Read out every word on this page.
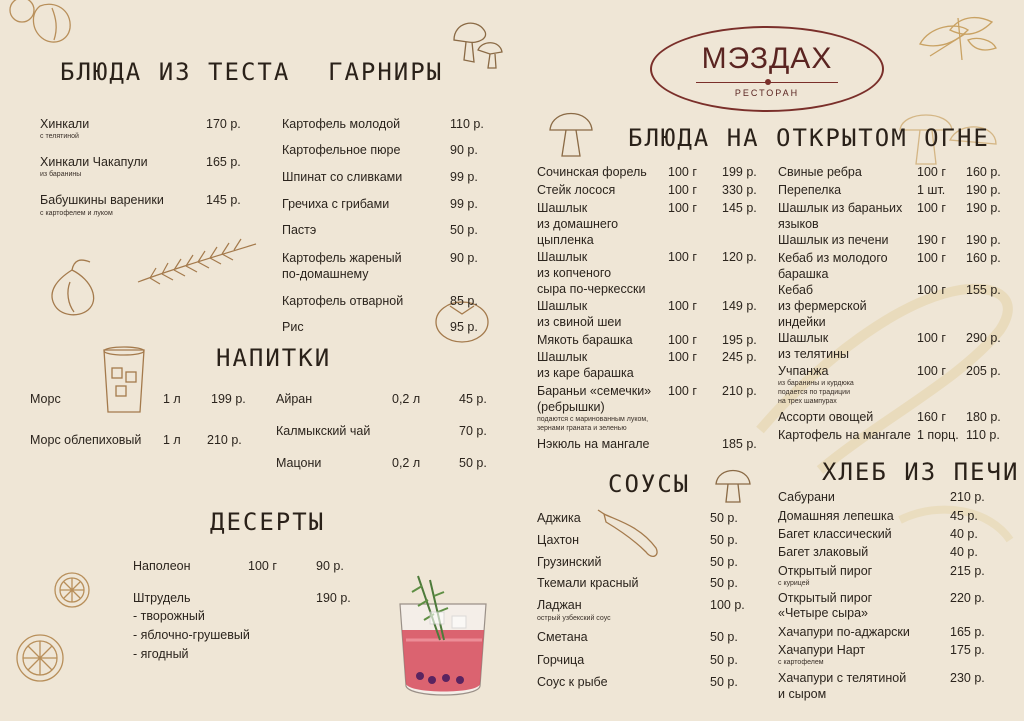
МЭЗДАХ
РЕСТОРАН
БЛЮДА ИЗ ТЕСТА ГАРНИРЫ
НАПИТКИ
ДЕСЕРТЫ
БЛЮДА НА ОТКРЫТОМ ОГНЕ
СОУСЫ	ХЛЕБ ИЗ ПЕЧИ
Хинкали
с телятиной
170 р.
Хинкали Чакапули
из баранины
165 р.
Бабушкины вареники
с картофелем и луком
145 р.
Картофель молодой	110 р.
Картофельное пюре	90 р.
Шпинат со сливками	99 р.
Гречиха с грибами	99 р.
Пастэ	50 р.
Картофель жареный
по-домашнему
90 р.
Картофель отварной	85 р.
Рис	95 р.
Морс	1 л 199 р.
Морс облепиховый 1 л 210 р.
Айран	0,2 л	45 р.
Калмыкский чай	70 р.
Мацони	0,2 л	50 р.
Наполеон	100 г	90 р.
Штрудель	190 р.
- творожный
- яблочно-грушевый
- ягодный
Сочинская форель 100 г 199 р.
Стейк лосося	100 г 330 р.
Шашлык
из домашнего
цыпленка
100 г 145 р.
Шашлык
из копченого
сыра по-черкесски
100 г 120 р.
Шашлык
из свиной шеи
100 г 149 р.
Мякоть барашка	100 г 195 р.
Шашлык
из каре барашка
100 г 245 р.
Бараньи «семечки»
(ребрышки)
подаются с маринованным луком,
зернами граната и зеленью
100 г 210 р.
Нэкюль на мангале	185 р.
Свиные ребра	100 г 160 р.
Перепелка	1 шт. 190 р.
Шашлык из бараньих
языков
100 г 190 р.
Шашлык из печени 190 г 190 р.
Кебаб из молодого
барашка
100 г 160 р.
Кебаб
из фермерской
индейки
100 г 155 р.
Шашлык
из телятины
100 г 290 р.
Учпанжа
из баранины и курдюка
подается по традиции
на трех шампурах
100 г 205 р.
Ассорти овощей	160 г 180 р.
Картофель на мангале 1 порц. 110 р.
Аджика	50 р.
Цахтон	50 р.
Грузинский	50 р.
Ткемали красный	50 р.
Ладжан
острый узбекский соус
100 р.
Сметана	50 р.
Горчица	50 р.
Соус к рыбе	50 р.
Сабурани	210 р.
Домашняя лепешка	45 р.
Багет классический	40 р.
Багет злаковый	40 р.
Открытый пирог
с курицей
215 р.
Открытый пирог
«Четыре сыра»
220 р.
Хачапури по-аджарски	165 р.
Хачапури Нарт
с картофелем
175 р.
Хачапури с телятиной
и сыром
230 р.
